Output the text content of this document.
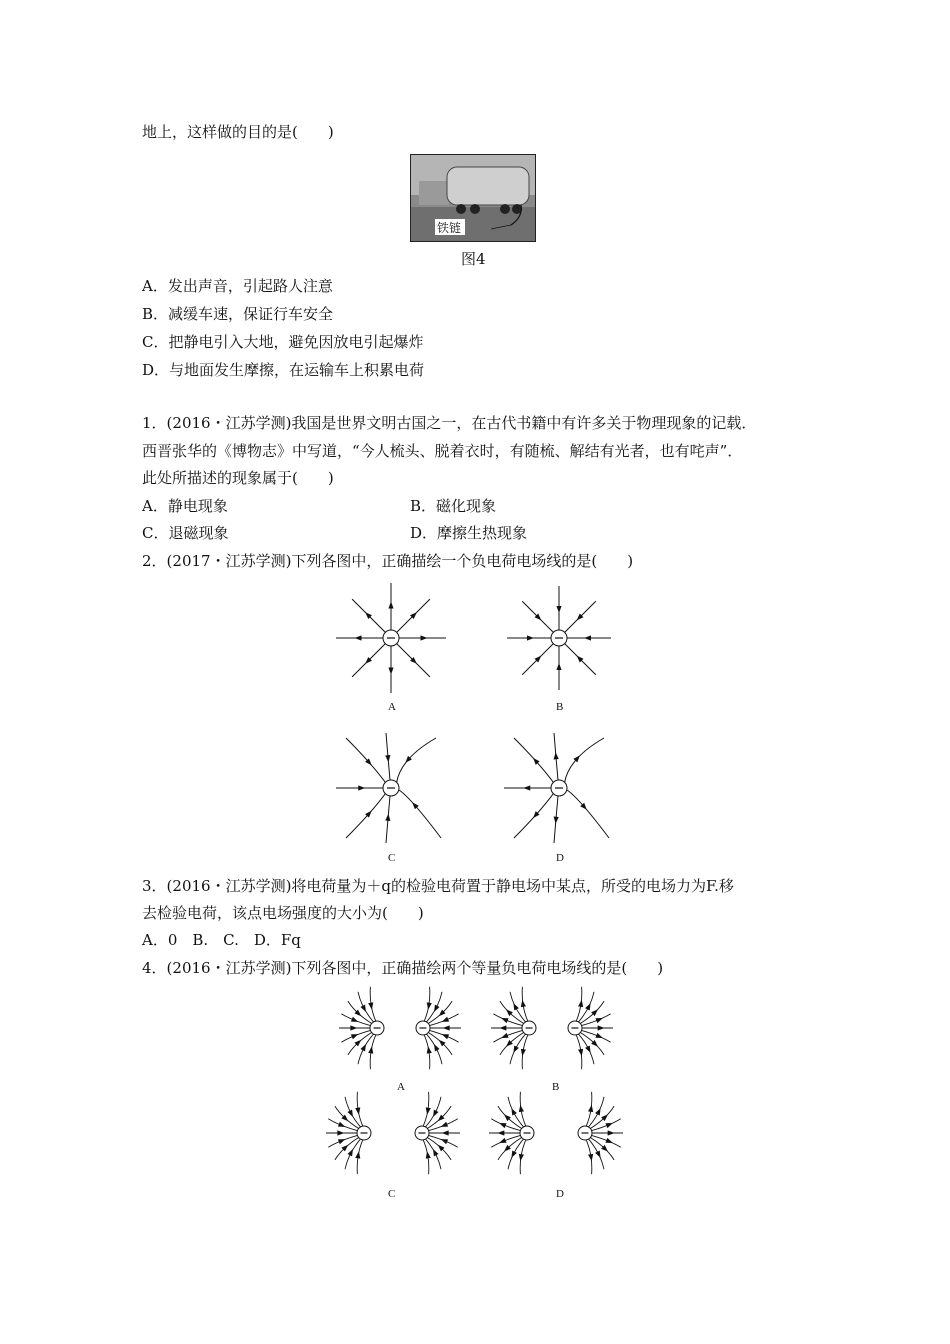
地上，这样做的目的是(　　)
铁链
图4
A．发出声音，引起路人注意
B．减缓车速，保证行车安全
C．把静电引入大地，避免因放电引起爆炸
D．与地面发生摩擦，在运输车上积累电荷
1．(2016・江苏学测)我国是世界文明古国之一，在古代书籍中有许多关于物理现象的记载．
西晋张华的《博物志》中写道，“今人梳头、脱着衣时，有随梳、解结有光者，也有咤声”．
此处所描述的现象属于(　　)
A．静电现象	B．磁化现象
C．退磁现象	D．摩擦生热现象
2．(2017・江苏学测)下列各图中，正确描绘一个负电荷电场线的是(　　)
A	B
C	D
3．(2016・江苏学测)将电荷量为＋q的检验电荷置于静电场中某点，所受的电场力为F.移
去检验电荷，该点电场强度的大小为(　　)
A．0　B.　C.　D．Fq
4．(2016・江苏学测)下列各图中，正确描绘两个等量负电荷电场线的是(　　)
A	B
C	D
